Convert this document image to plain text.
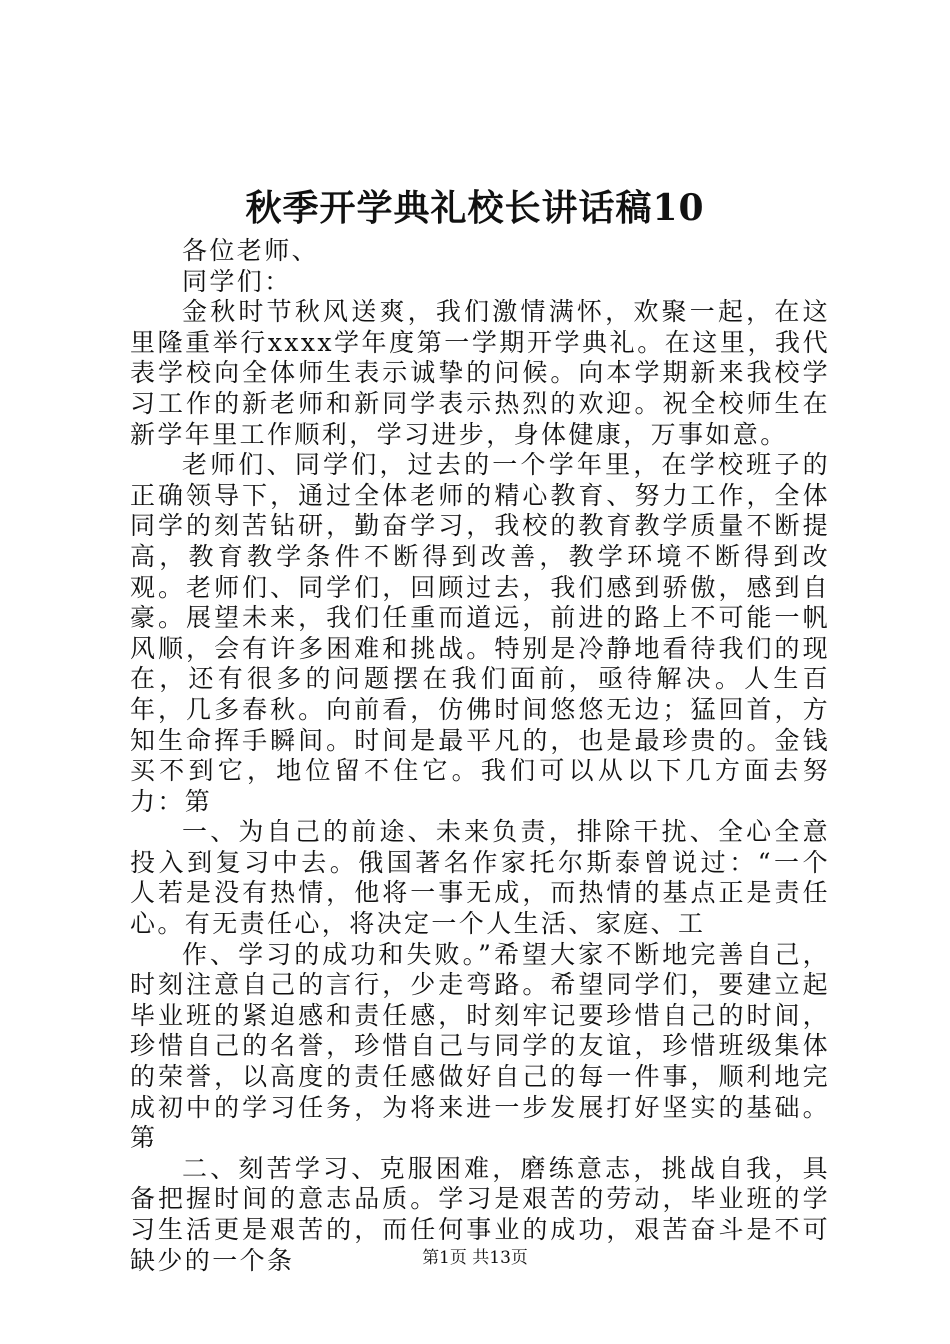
秋季开学典礼校长讲话稿10

各位老师、

同学们：

金秋时节秋风送爽，我们激情满怀，欢聚一起，在这里隆重举行xxxx学年度第一学期开学典礼。在这里，我代表学校向全体师生表示诚挚的问候。向本学期新来我校学习工作的新老师和新同学表示热烈的欢迎。祝全校师生在新学年里工作顺利，学习进步，身体健康，万事如意。

老师们、同学们，过去的一个学年里，在学校班子的正确领导下，通过全体老师的精心教育、努力工作，全体同学的刻苦钻研，勤奋学习，我校的教育教学质量不断提高，教育教学条件不断得到改善，教学环境不断得到改观。老师们、同学们，回顾过去，我们感到骄傲，感到自豪。展望未来，我们任重而道远，前进的路上不可能一帆风顺，会有许多困难和挑战。特别是冷静地看待我们的现在，还有很多的问题摆在我们面前，亟待解决。人生百年，几多春秋。向前看，仿佛时间悠悠无边；猛回首，方知生命挥手瞬间。时间是最平凡的，也是最珍贵的。金钱买不到它，地位留不住它。我们可以从以下几方面去努力：第

一、为自己的前途、未来负责，排除干扰、全心全意投入到复习中去。俄国著名作家托尔斯泰曾说过：“一个人若是没有热情，他将一事无成，而热情的基点正是责任心。有无责任心，将决定一个人生活、家庭、工

作、学习的成功和失败。”希望大家不断地完善自己，时刻注意自己的言行，少走弯路。希望同学们，要建立起毕业班的紧迫感和责任感，时刻牢记要珍惜自己的时间，珍惜自己的名誉，珍惜自己与同学的友谊，珍惜班级集体的荣誉，以高度的责任感做好自己的每一件事，顺利地完成初中的学习任务，为将来进一步发展打好坚实的基础。第

二、刻苦学习、克服困难，磨练意志，挑战自我，具备把握时间的意志品质。学习是艰苦的劳动，毕业班的学习生活更是艰苦的，而任何事业的成功，艰苦奋斗是不可缺少的一个条	第1页 共13页
